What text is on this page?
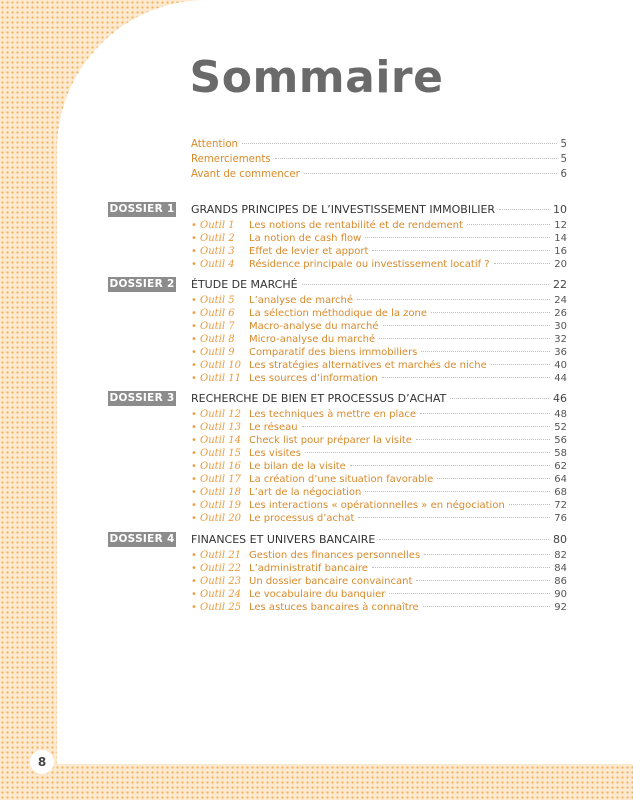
Sommaire
Attention	5
Remerciements	5
Avant de commencer	6
DOSSIER 1 GRANDS PRINCIPES DE L’INVESTISSEMENT IMMOBILIER	10
• Outil 1	Les notions de rentabilité et de rendement	12
• Outil 2	La notion de cash flow	14
• Outil 3	Effet de levier et apport	16
• Outil 4	Résidence principale ou investissement locatif ?	20
DOSSIER 2 ÉTUDE DE MARCHÉ	22
• Outil 5	L’analyse de marché	24
• Outil 6	La sélection méthodique de la zone	26
• Outil 7	Macro-analyse du marché	30
• Outil 8	Micro-analyse du marché	32
• Outil 9	Comparatif des biens immobiliers	36
• Outil 10 Les stratégies alternatives et marchés de niche	40
• Outil 11 Les sources d’information	44
DOSSIER 3 RECHERCHE DE BIEN ET PROCESSUS D’ACHAT	46
• Outil 12 Les techniques à mettre en place	48
• Outil 13 Le réseau	52
• Outil 14 Check list pour préparer la visite	56
• Outil 15 Les visites	58
• Outil 16 Le bilan de la visite	62
• Outil 17 La création d’une situation favorable	64
• Outil 18 L’art de la négociation	68
• Outil 19 Les interactions « opérationnelles » en négociation	72
• Outil 20 Le processus d’achat	76
DOSSIER 4 FINANCES ET UNIVERS BANCAIRE	80
• Outil 21 Gestion des finances personnelles	82
• Outil 22 L’administratif bancaire	84
• Outil 23 Un dossier bancaire convaincant	86
• Outil 24 Le vocabulaire du banquier	90
• Outil 25 Les astuces bancaires à connaître	92
8
